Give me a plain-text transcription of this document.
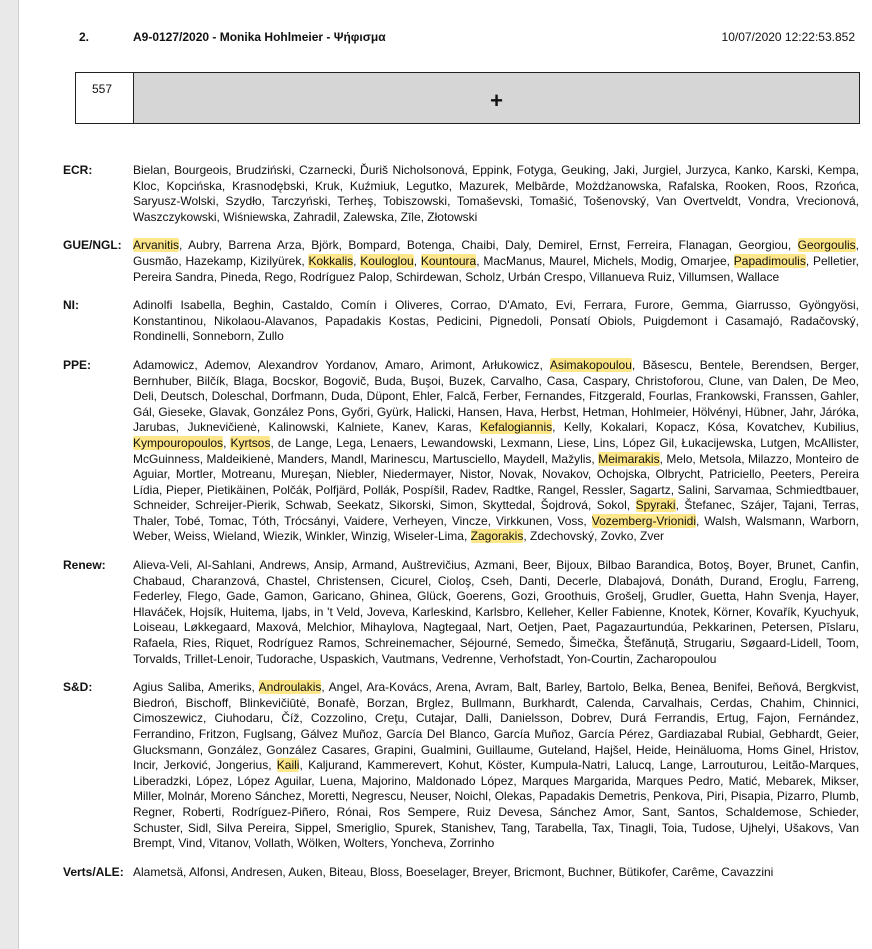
2.	A9-0127/2020 - Monika Hohlmeier - Ψήφισμα	10/07/2020 12:22:53.852
557	+
ECR:	Bielan, Bourgeois, Brudziński, Czarnecki, Ďuriš Nicholsonová, Eppink, Fotyga, Geuking, Jaki, Jurgiel, Jurzyca, Kanko, Karski, Kempa, Kloc, Kopcińska, Krasnodębski, Kruk, Kuźmiuk, Legutko, Mazurek, Melbārde, Możdżanowska, Rafalska, Rooken, Roos, Rzońca, Saryusz-Wolski, Szydło, Tarczyński, Terheş, Tobiszowski, Tomaševski, Tomašić, Tošenovský, Van Overtveldt, Vondra, Vrecionová, Waszczykowski, Wiśniewska, Zahradil, Zalewska, Zīle, Złotowski
GUE/NGL: Arvanitis, Aubry, Barrena Arza, Björk, Bompard, Botenga, Chaibi, Daly, Demirel, Ernst, Ferreira, Flanagan, Georgiou, Georgoulis, Gusmão, Hazekamp, Kizilyürek, Kokkalis, Kouloglou, Kountoura, MacManus, Maurel, Michels, Modig, Omarjee, Papadimoulis, Pelletier, Pereira Sandra, Pineda, Rego, Rodríguez Palop, Schirdewan, Scholz, Urbán Crespo, Villanueva Ruiz, Villumsen, Wallace
NI:	Adinolfi Isabella, Beghin, Castaldo, Comín i Oliveres, Corrao, D'Amato, Evi, Ferrara, Furore, Gemma, Giarrusso, Gyöngyösi, Konstantinou, Nikolaou-Alavanos, Papadakis Kostas, Pedicini, Pignedoli, Ponsatí Obiols, Puigdemont i Casamajó, Radačovský, Rondinelli, Sonneborn, Zullo
PPE:	Adamowicz, Ademov, Alexandrov Yordanov, Amaro, Arimont, Arłukowicz, Asimakopoulou, Băsescu, Bentele, Berendsen, Berger, Bernhuber, Bilčík, Blaga, Bocskor, Bogovič, Buda, Buşoi, Buzek, Carvalho, Casa, Caspary, Christoforou, Clune, van Dalen, De Meo, Deli, Deutsch, Doleschal, Dorfmann, Duda, Düpont, Ehler, Falcă, Ferber, Fernandes, Fitzgerald, Fourlas, Frankowski, Franssen, Gahler, Gál, Gieseke, Glavak, González Pons, Győri, Gyürk, Halicki, Hansen, Hava, Herbst, Hetman, Hohlmeier, Hölvényi, Hübner, Jahr, Járóka, Jarubas, Juknevičienė, Kalinowski, Kalniete, Kanev, Karas, Kefalogiannis, Kelly, Kokalari, Kopacz, Kósa, Kovatchev, Kubilius, Kympouropoulos, Kyrtsos, de Lange, Lega, Lenaers, Lewandowski, Lexmann, Liese, Lins, López Gil, Łukacijewska, Lutgen, McAllister, McGuinness, Maldeikienė, Manders, Mandl, Marinescu, Martusciello, Maydell, Mažylis, Meimarakis, Melo, Metsola, Milazzo, Monteiro de Aguiar, Mortler, Motreanu, Mureşan, Niebler, Niedermayer, Nistor, Novak, Novakov, Ochojska, Olbrycht, Patriciello, Peeters, Pereira Lídia, Pieper, Pietikäinen, Polčák, Polfjärd, Pollák, Pospíšil, Radev, Radtke, Rangel, Ressler, Sagartz, Salini, Sarvamaa, Schmiedtbauer, Schneider, Schreijer-Pierik, Schwab, Seekatz, Sikorski, Simon, Skyttedal, Šojdrová, Sokol, Spyraki, Štefanec, Szájer, Tajani, Terras, Thaler, Tobé, Tomac, Tóth, Trócsányi, Vaidere, Verheyen, Vincze, Virkkunen, Voss, Vozemberg-Vrionidi, Walsh, Walsmann, Warborn, Weber, Weiss, Wieland, Wiezik, Winkler, Winzig, Wiseler-Lima, Zagorakis, Zdechovský, Zovko, Zver
Renew:	Alieva-Veli, Al-Sahlani, Andrews, Ansip, Armand, Auštrevičius, Azmani, Beer, Bijoux, Bilbao Barandica, Botoş, Boyer, Brunet, Canfin, Chabaud, Charanzová, Chastel, Christensen, Cicurel, Cioloş, Cseh, Danti, Decerle, Dlabajová, Donáth, Durand, Eroglu, Farreng, Federley, Flego, Gade, Gamon, Garicano, Ghinea, Glück, Goerens, Gozi, Groothuis, Grošelj, Grudler, Guetta, Hahn Svenja, Hayer, Hlaváček, Hojsík, Huitema, Ijabs, in 't Veld, Joveva, Karleskind, Karlsbro, Kelleher, Keller Fabienne, Knotek, Körner, Kovařík, Kyuchyuk, Loiseau, Løkkegaard, Maxová, Melchior, Mihaylova, Nagtegaal, Nart, Oetjen, Paet, Pagazaurtundúa, Pekkarinen, Petersen, Pīslaru, Rafaela, Ries, Riquet, Rodríguez Ramos, Schreinemacher, Séjourné, Semedo, Šimečka, Štefănuță, Strugariu, Søgaard-Lidell, Toom, Torvalds, Trillet-Lenoir, Tudorache, Uspaskich, Vautmans, Vedrenne, Verhofstadt, Yon-Courtin, Zacharopoulou
S&D:	Agius Saliba, Ameriks, Androulakis, Angel, Ara-Kovács, Arena, Avram, Balt, Barley, Bartolo, Belka, Benea, Benifei, Beňová, Bergkvist, Biedroń, Bischoff, Blinkevičiūtė, Bonafè, Borzan, Brglez, Bullmann, Burkhardt, Calenda, Carvalhais, Cerdas, Chahim, Chinnici, Cimoszewicz, Ciuhodaru, Číž, Cozzolino, Creţu, Cutajar, Dalli, Danielsson, Dobrev, Durá Ferrandis, Ertug, Fajon, Fernández, Ferrandino, Fritzon, Fuglsang, Gálvez Muñoz, García Del Blanco, García Muñoz, García Pérez, Gardiazabal Rubial, Gebhardt, Geier, Glucksmann, González, González Casares, Grapini, Gualmini, Guillaume, Guteland, Hajšel, Heide, Heinäluoma, Homs Ginel, Hristov, Incir, Jerković, Jongerius, Kaili, Kaljurand, Kammerevert, Kohut, Köster, Kumpula-Natri, Lalucq, Lange, Larrouturou, Leitão-Marques, Liberadzki, López, López Aguilar, Luena, Majorino, Maldonado López, Marques Margarida, Marques Pedro, Matić, Mebarek, Mikser, Miller, Molnár, Moreno Sánchez, Moretti, Negrescu, Neuser, Noichl, Olekas, Papadakis Demetris, Penkova, Piri, Pisapia, Pizarro, Plumb, Regner, Roberti, Rodríguez-Piñero, Rónai, Ros Sempere, Ruiz Devesa, Sánchez Amor, Sant, Santos, Schaldemose, Schieder, Schuster, Sidl, Silva Pereira, Sippel, Smeriglio, Spurek, Stanishev, Tang, Tarabella, Tax, Tinagli, Toia, Tudose, Ujhelyi, Ušakovs, Van Brempt, Vind, Vitanov, Vollath, Wölken, Wolters, Yoncheva, Zorrinho
Verts/ALE: Alametsä, Alfonsi, Andresen, Auken, Biteau, Bloss, Boeselager, Breyer, Bricmont, Buchner, Bütikofer, Carême, Cavazzini
